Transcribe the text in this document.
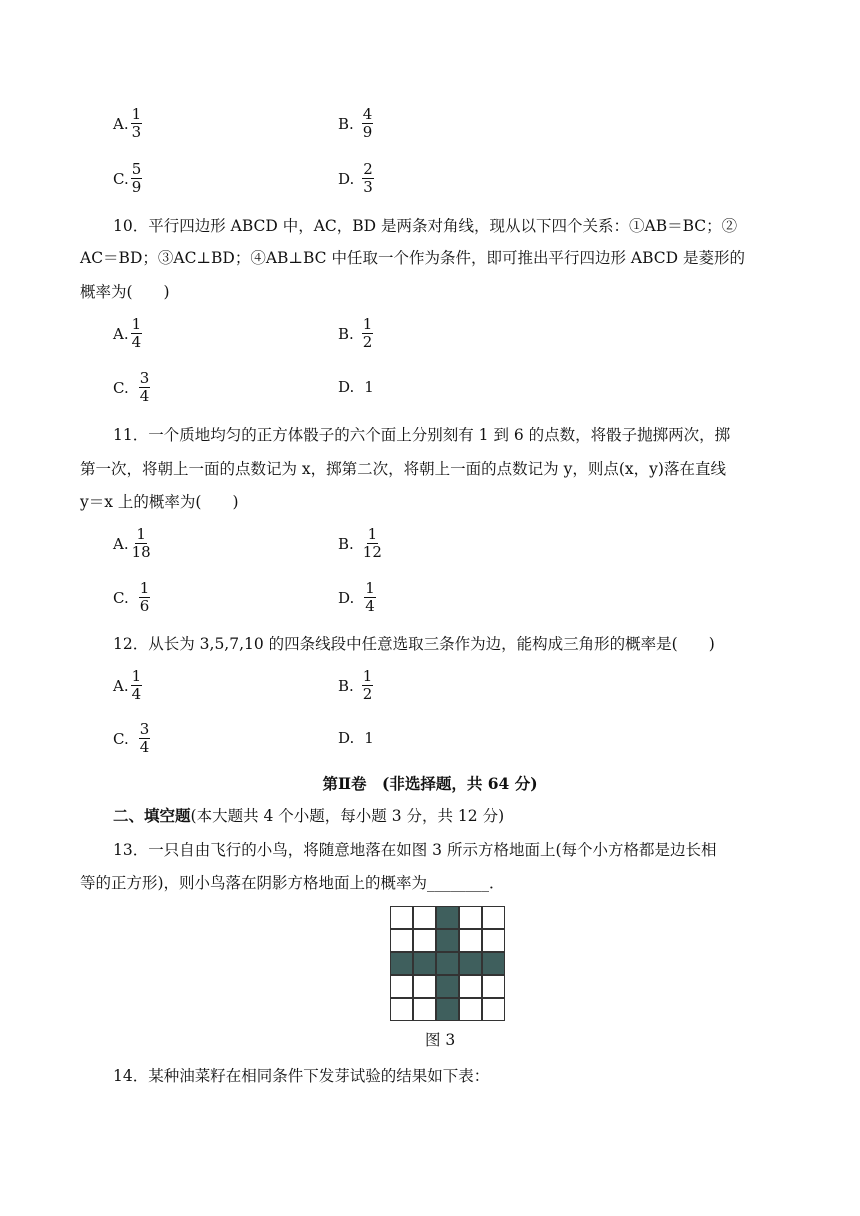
A. $\frac{1}{3}$	B. $\frac{4}{9}$
C. $\frac{5}{9}$	D. $\frac{2}{3}$
10．平行四边形 ABCD 中，AC，BD 是两条对角线，现从以下四个关系：①AB＝BC；②
AC＝BD；③AC⊥BD；④AB⊥BC 中任取一个作为条件，即可推出平行四边形 ABCD 是菱形的
概率为(　　)
A. $\frac{1}{4}$	B. $\frac{1}{2}$
C. $\frac{3}{4}$	D. 1
11．一个质地均匀的正方体骰子的六个面上分别刻有 1 到 6 的点数，将骰子抛掷两次，掷
第一次，将朝上一面的点数记为 x，掷第二次，将朝上一面的点数记为 y，则点(x，y)落在直线
y＝x 上的概率为(　　)
A. $\frac{1}{18}$	B. $\frac{1}{12}$
C. $\frac{1}{6}$	D. $\frac{1}{4}$
12．从长为 3,5,7,10 的四条线段中任意选取三条作为边，能构成三角形的概率是(　　)
A. $\frac{1}{4}$	B. $\frac{1}{2}$
C. $\frac{3}{4}$	D. 1
第Ⅱ卷　(非选择题，共 64 分)
二、填空题(本大题共 4 个小题，每小题 3 分，共 12 分)
13．一只自由飞行的小鸟，将随意地落在如图 3 所示方格地面上(每个小方格都是边长相
等的正方形)，则小鸟落在阴影方格地面上的概率为________．
图 3
14．某种油菜籽在相同条件下发芽试验的结果如下表：
